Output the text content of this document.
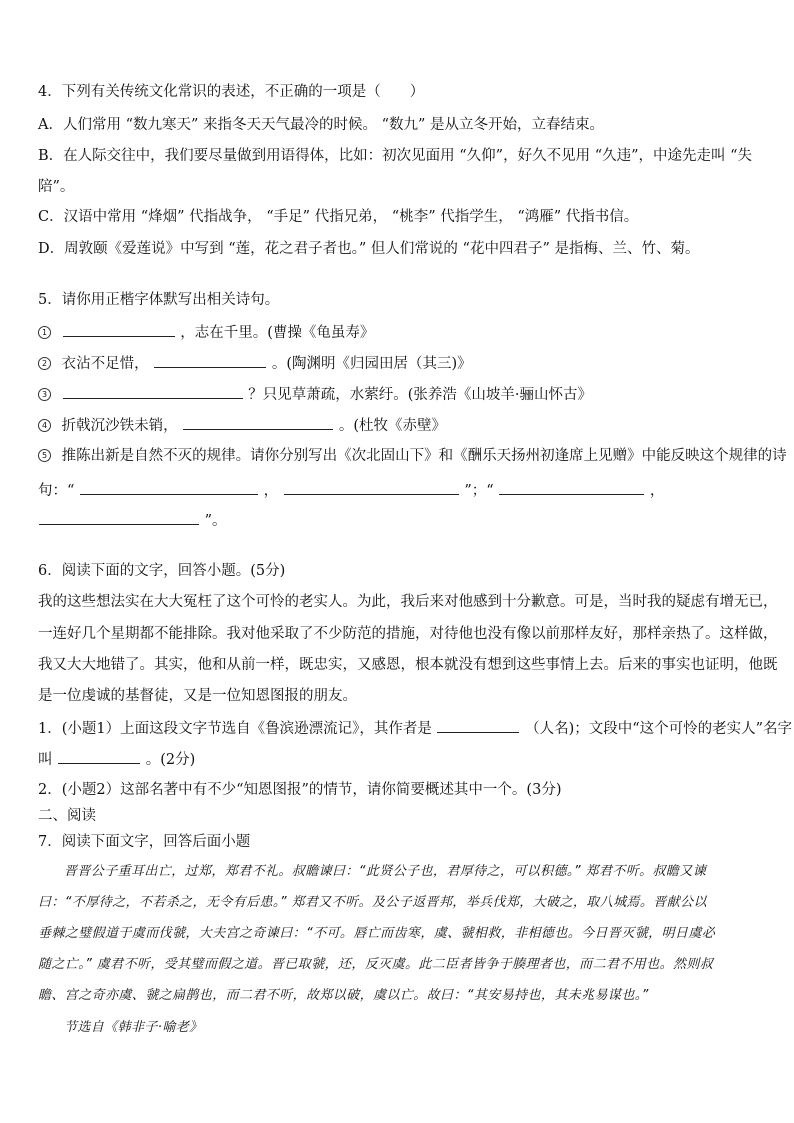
4．下列有关传统文化常识的表述，不正确的一项是（　　）
A．人们常用 “数九寒天” 来指冬天天气最冷的时候。 “数九” 是从立冬开始，立春结束。
B．在人际交往中，我们要尽量做到用语得体，比如：初次见面用 “久仰”，好久不见用 “久违”，中途先走叫 “失
陪”。
C．汉语中常用 “烽烟” 代指战争， “手足” 代指兄弟， “桃李” 代指学生， “鸿雁” 代指书信。
D．周敦颐《爱莲说》中写到 “莲，花之君子者也。” 但人们常说的 “花中四君子” 是指梅、兰、竹、菊。
5．请你用正楷字体默写出相关诗句。
1	，志在千里。(曹操《龟虽寿》
2 衣沾不足惜，	。(陶渊明《归园田居（其三)》
3	？只见草萧疏，水萦纡。(张养浩《山坡羊·骊山怀古》
4 折戟沉沙铁未销，	。(杜牧《赤壁》
5 推陈出新是自然不灭的规律。请你分别写出《次北固山下》和《酬乐天扬州初逢席上见赠》中能反映这个规律的诗
句：“	，	”；“	，
”。
6．阅读下面的文字，回答小题。(5分)
我的这些想法实在大大冤枉了这个可怜的老实人。为此，我后来对他感到十分歉意。可是，当时我的疑虑有增无已，
一连好几个星期都不能排除。我对他采取了不少防范的措施，对待他也没有像以前那样友好，那样亲热了。这样做，
我又大大地错了。其实，他和从前一样，既忠实，又感恩，根本就没有想到这些事情上去。后来的事实也证明，他既
是一位虔诚的基督徒，又是一位知恩图报的朋友。
1．(小题1）上面这段文字节选自《鲁滨逊漂流记》，其作者是	（人名)；文段中“这个可怜的老实人”名字
叫	。(2分)
2．(小题2）这部名著中有不少“知恩图报”的情节，请你简要概述其中一个。(3分)
二、阅读
7．阅读下面文字，回答后面小题
晋晋公子重耳出亡，过郑，郑君不礼。叔瞻谏曰：“此贤公子也，君厚待之，可以积德。” 郑君不听。叔瞻又谏
曰：“不厚待之，不若杀之，无令有后患。” 郑君又不听。及公子返晋邦，举兵伐郑，大破之，取八城焉。晋献公以
垂棘之璧假道于虞而伐虢，大夫宫之奇谏曰：“不可。唇亡而齿寒，虞、虢相救，非相德也。今日晋灭虢，明日虞必
随之亡。” 虞君不听，受其璧而假之道。晋已取虢，还，反灭虞。此二臣者皆争于腠理者也，而二君不用也。然则叔
瞻、宫之奇亦虞、虢之扁鹊也，而二君不听，故郑以破，虞以亡。故曰：“其安易持也，其未兆易谋也。”
节选自《韩非子·喻老》
